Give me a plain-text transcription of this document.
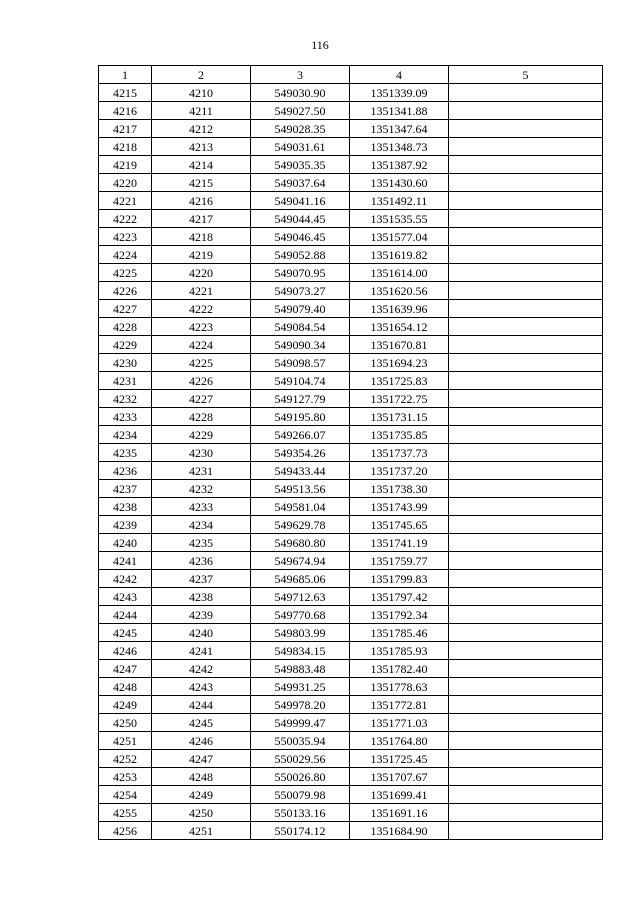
116
1	2	3	4	5
4215	4210	549030.90	1351339.09	
4216	4211	549027.50	1351341.88	
4217	4212	549028.35	1351347.64	
4218	4213	549031.61	1351348.73	
4219	4214	549035.35	1351387.92	
4220	4215	549037.64	1351430.60	
4221	4216	549041.16	1351492.11	
4222	4217	549044.45	1351535.55	
4223	4218	549046.45	1351577.04	
4224	4219	549052.88	1351619.82	
4225	4220	549070.95	1351614.00	
4226	4221	549073.27	1351620.56	
4227	4222	549079.40	1351639.96	
4228	4223	549084.54	1351654.12	
4229	4224	549090.34	1351670.81	
4230	4225	549098.57	1351694.23	
4231	4226	549104.74	1351725.83	
4232	4227	549127.79	1351722.75	
4233	4228	549195.80	1351731.15	
4234	4229	549266.07	1351735.85	
4235	4230	549354.26	1351737.73	
4236	4231	549433.44	1351737.20	
4237	4232	549513.56	1351738.30	
4238	4233	549581.04	1351743.99	
4239	4234	549629.78	1351745.65	
4240	4235	549680.80	1351741.19	
4241	4236	549674.94	1351759.77	
4242	4237	549685.06	1351799.83	
4243	4238	549712.63	1351797.42	
4244	4239	549770.68	1351792.34	
4245	4240	549803.99	1351785.46	
4246	4241	549834.15	1351785.93	
4247	4242	549883.48	1351782.40	
4248	4243	549931.25	1351778.63	
4249	4244	549978.20	1351772.81	
4250	4245	549999.47	1351771.03	
4251	4246	550035.94	1351764.80	
4252	4247	550029.56	1351725.45	
4253	4248	550026.80	1351707.67	
4254	4249	550079.98	1351699.41	
4255	4250	550133.16	1351691.16	
4256	4251	550174.12	1351684.90	
